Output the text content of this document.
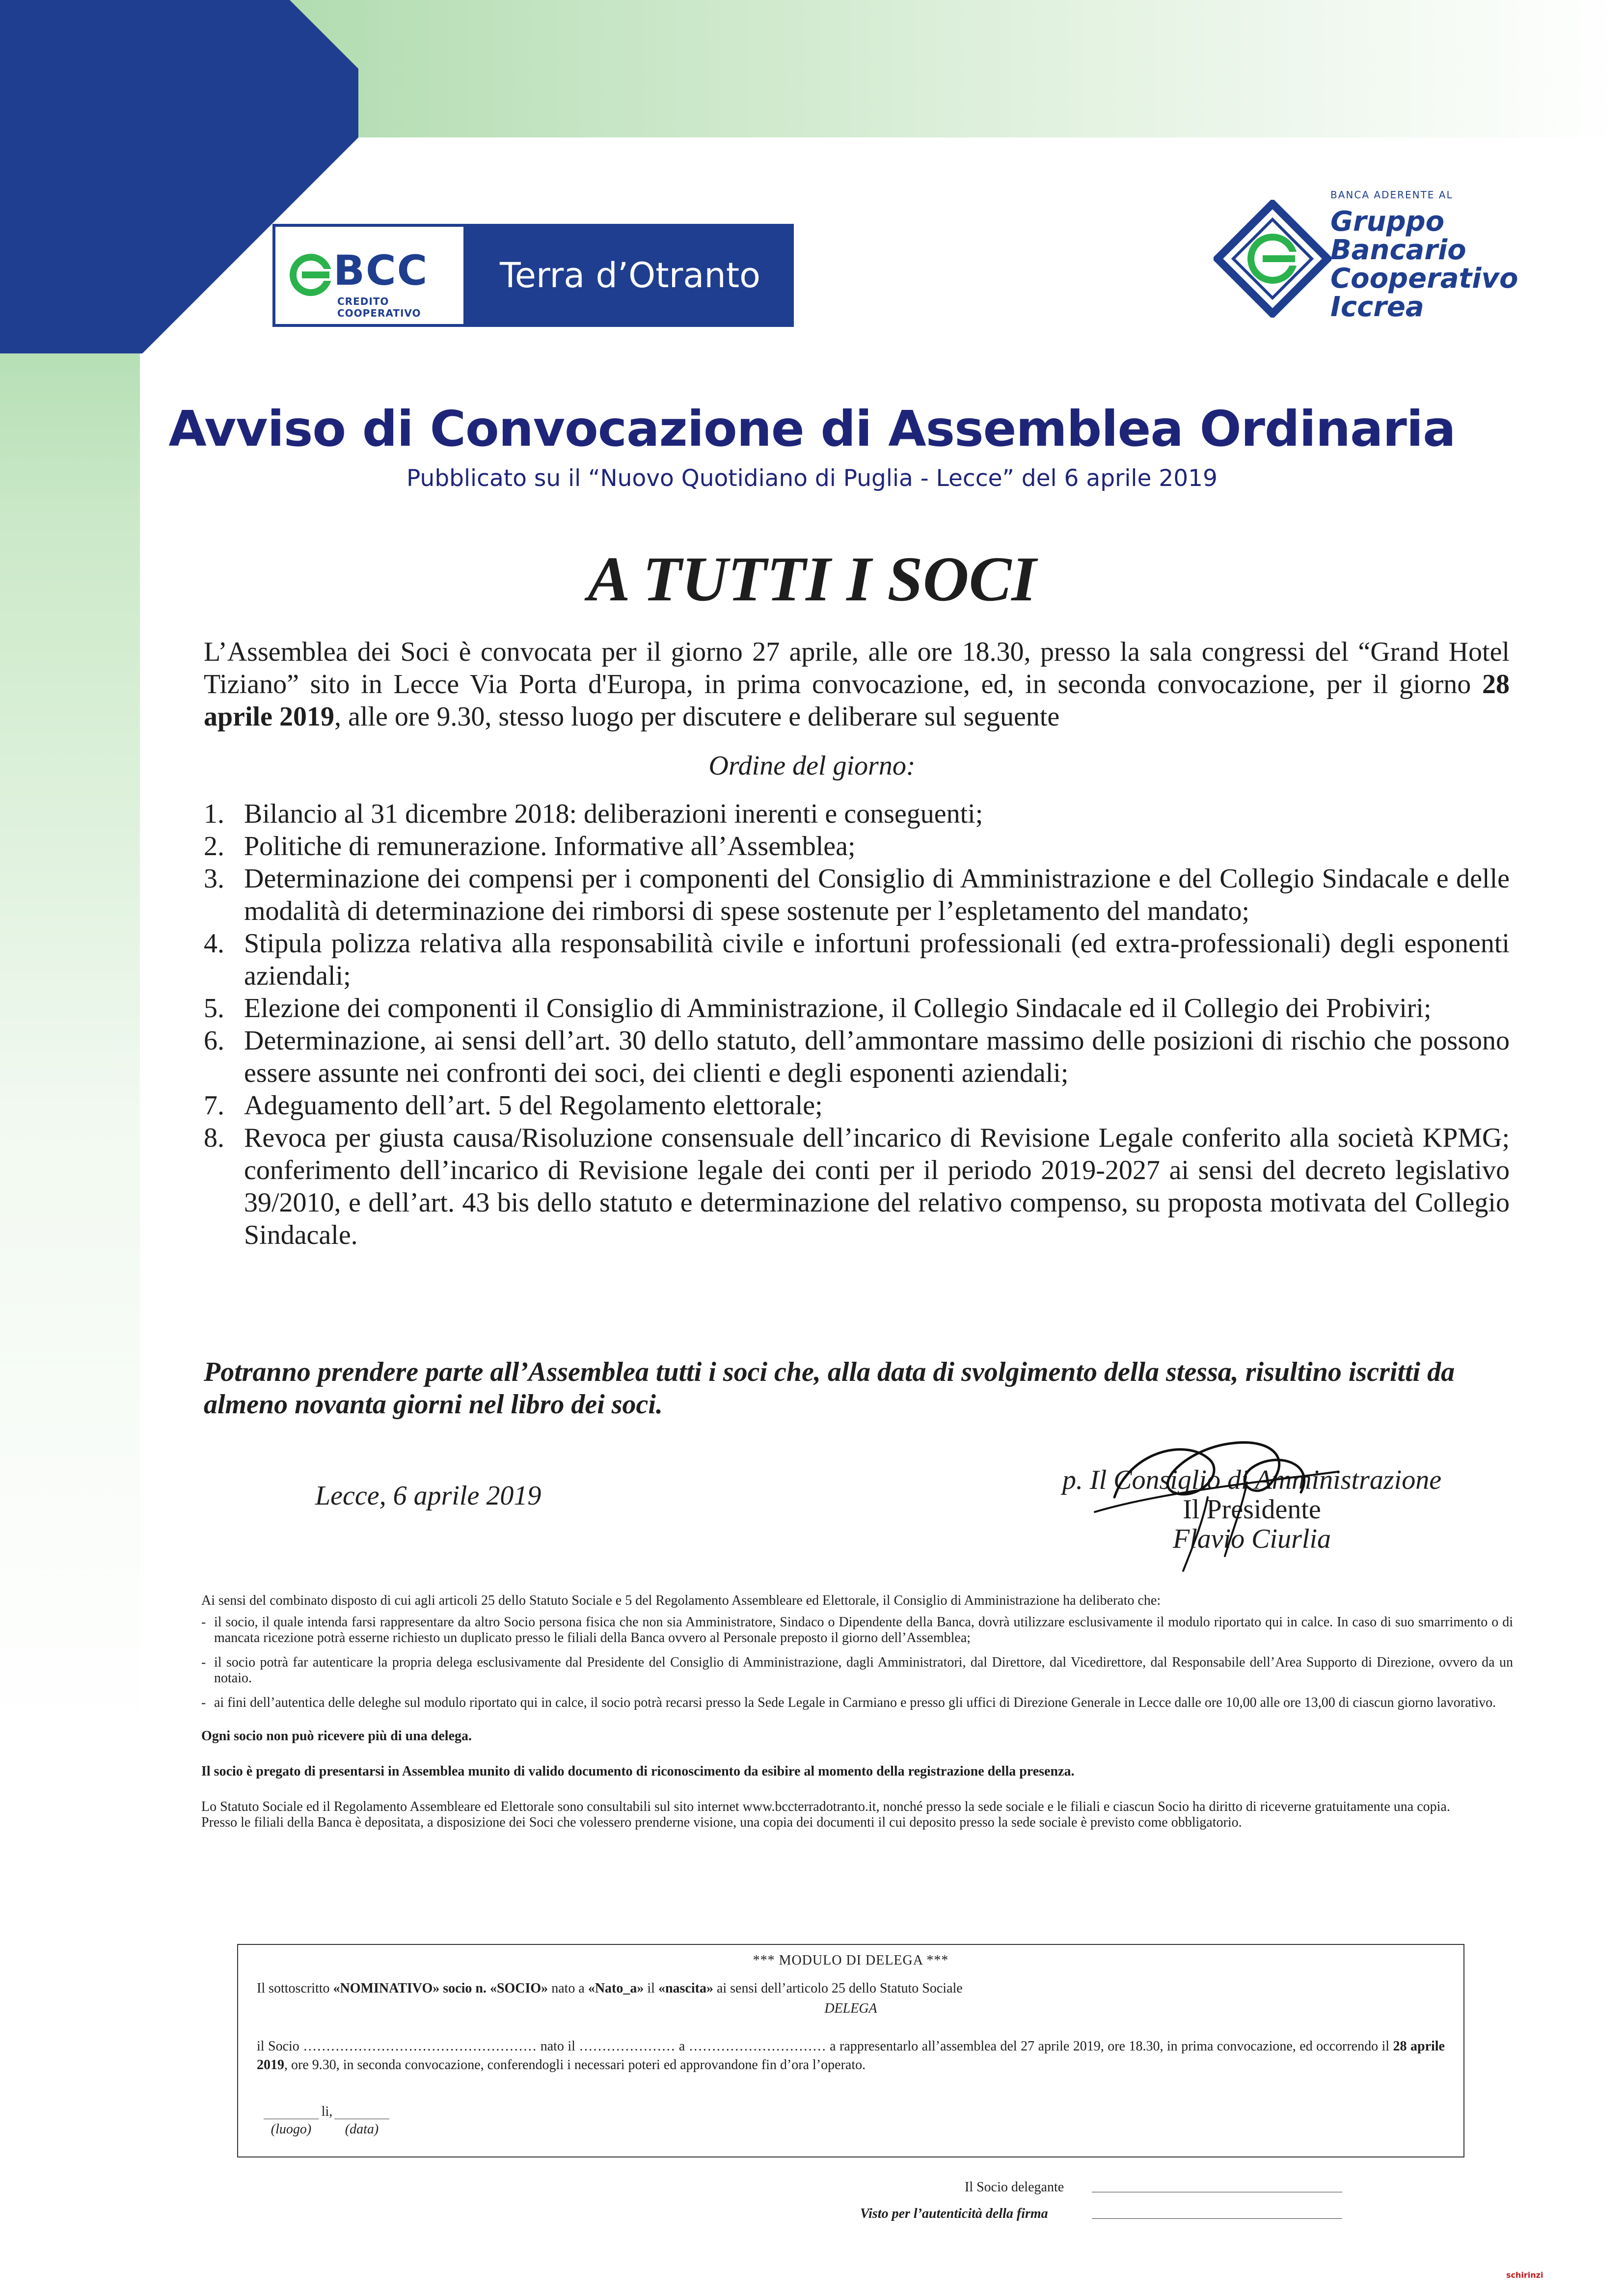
BCC
CREDITO COOPERATIVO
Terra d’Otranto
BANCA ADERENTE AL
Gruppo
Bancario
Cooperativo
Iccrea
Avviso di Convocazione di Assemblea Ordinaria
Pubblicato su il “Nuovo Quotidiano di Puglia - Lecce” del 6 aprile 2019
A TUTTI I SOCI

L’Assemblea dei Soci è convocata per il giorno 27 aprile, alle ore 18.30, presso la sala congressi del “Grand Hotel Tiziano” sito in Lecce Via Porta d'Europa, in prima convocazione, ed, in seconda convocazione, per il giorno 28 aprile 2019, alle ore 9.30, stesso luogo per discutere e deliberare sul seguente

Ordine del giorno:
1. Bilancio al 31 dicembre 2018: deliberazioni inerenti e conseguenti;
2. Politiche di remunerazione. Informative all’Assemblea;
3. Determinazione dei compensi per i componenti del Consiglio di Amministrazione e del Collegio Sindacale e delle modalità di determinazione dei rimborsi di spese sostenute per l’espletamento del mandato;
4. Stipula polizza relativa alla responsabilità civile e infortuni professionali (ed extra-professionali) degli esponenti aziendali;
5. Elezione dei componenti il Consiglio di Amministrazione, il Collegio Sindacale ed il Collegio dei Probiviri;
6. Determinazione, ai sensi dell’art. 30 dello statuto, dell’ammontare massimo delle posizioni di rischio che possono essere assunte nei confronti dei soci, dei clienti e degli esponenti aziendali;
7. Adeguamento dell’art. 5 del Regolamento elettorale;
8. Revoca per giusta causa/Risoluzione consensuale dell’incarico di Revisione Legale conferito alla società KPMG; conferimento dell’incarico di Revisione legale dei conti per il periodo 2019-2027 ai sensi del decreto legislativo 39/2010, e dell’art. 43 bis dello statuto e determinazione del relativo compenso, su proposta motivata del Collegio Sindacale.

Potranno prendere parte all’Assemblea tutti i soci che, alla data di svolgimento della stessa, risultino iscritti da almeno novanta giorni nel libro dei soci.

Lecce, 6 aprile 2019
p. Il Consiglio di Amministrazione
Il Presidente
Flavio Ciurlia

Ai sensi del combinato disposto di cui agli articoli 25 dello Statuto Sociale e 5 del Regolamento Assembleare ed Elettorale, il Consiglio di Amministrazione ha deliberato che:

- il socio, il quale intenda farsi rappresentare da altro Socio persona fisica che non sia Amministratore, Sindaco o Dipendente della Banca, dovrà utilizzare esclusivamente il modulo riportato qui in calce. In caso di suo smarrimento o di mancata ricezione potrà esserne richiesto un duplicato presso le filiali della Banca ovvero al Personale preposto il giorno dell’Assemblea;

- il socio potrà far autenticare la propria delega esclusivamente dal Presidente del Consiglio di Amministrazione, dagli Amministratori, dal Direttore, dal Vicedirettore, dal Responsabile dell’Area Supporto di Direzione, ovvero da un notaio.

- ai fini dell’autentica delle deleghe sul modulo riportato qui in calce, il socio potrà recarsi presso la Sede Legale in Carmiano e presso gli uffici di Direzione Generale in Lecce dalle ore 10,00 alle ore 13,00 di ciascun giorno lavorativo.

Ogni socio non può ricevere più di una delega.

Il socio è pregato di presentarsi in Assemblea munito di valido documento di riconoscimento da esibire al momento della registrazione della presenza.

Lo Statuto Sociale ed il Regolamento Assembleare ed Elettorale sono consultabili sul sito internet www.bccterradotranto.it, nonché presso la sede sociale e le filiali e ciascun Socio ha diritto di riceverne gratuitamente una copia.

Presso le filiali della Banca è depositata, a disposizione dei Soci che volessero prenderne visione, una copia dei documenti il cui deposito presso la sede sociale è previsto come obbligatorio.

*** MODULO DI DELEGA ***
Il sottoscritto «NOMINATIVO» socio n. «SOCIO» nato a «Nato_a» il «nascita» ai sensi dell’articolo 25 dello Statuto Sociale
DELEGA
il Socio …………………………………………… nato il ………………… a ………………………… a rappresentarlo all’assemblea del 27 aprile 2019, ore 18.30, in prima convocazione, ed occorrendo il 28 aprile 2019, ore 9.30, in seconda convocazione, conferendogli i necessari poteri ed approvandone fin d’ora l’operato.
li,
(luogo)	(data)
Il Socio delegante
Visto per l’autenticità della firma
schirinzi
